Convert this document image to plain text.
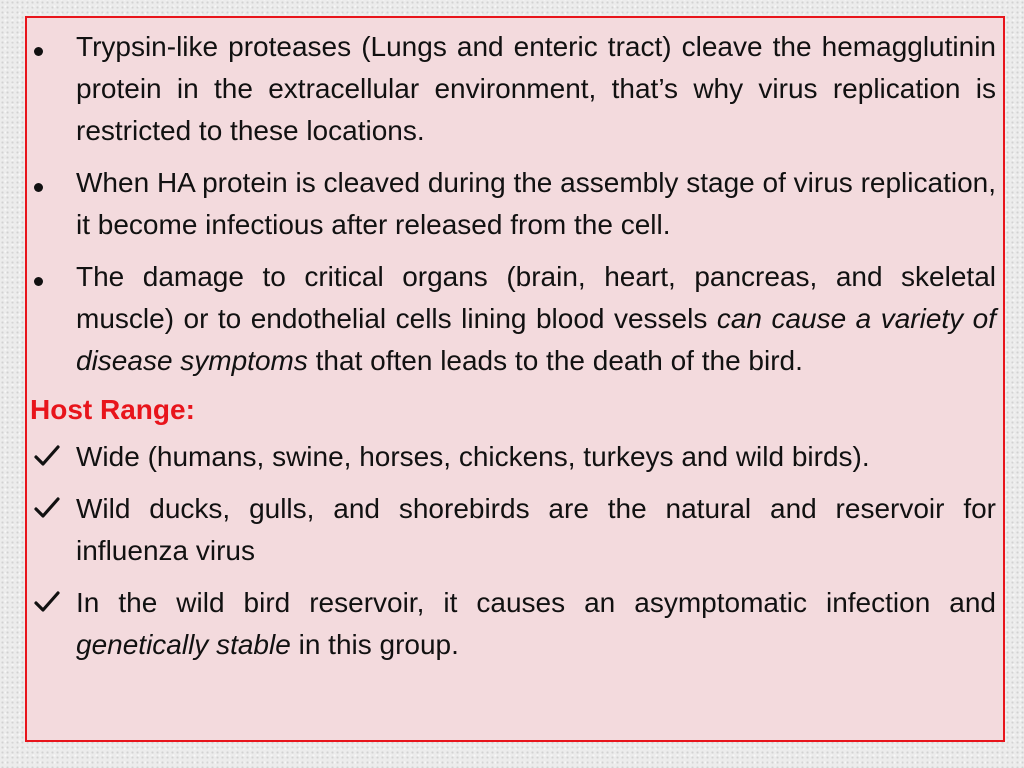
Trypsin-like proteases (Lungs and enteric tract) cleave the hemagglutinin protein in the extracellular environment, that’s why virus replication is restricted to these locations.
When HA protein is cleaved during the assembly stage of virus replication, it become infectious after released from the cell.
The damage to critical organs (brain, heart, pancreas, and skeletal muscle) or to endothelial cells lining blood vessels can cause a variety of disease symptoms that often leads to the death of the bird.
Host Range:
Wide (humans, swine, horses, chickens, turkeys and wild birds).
Wild ducks, gulls, and shorebirds are the natural and reservoir for influenza virus
In the wild bird reservoir, it causes an asymptomatic infection and genetically stable in this group.
